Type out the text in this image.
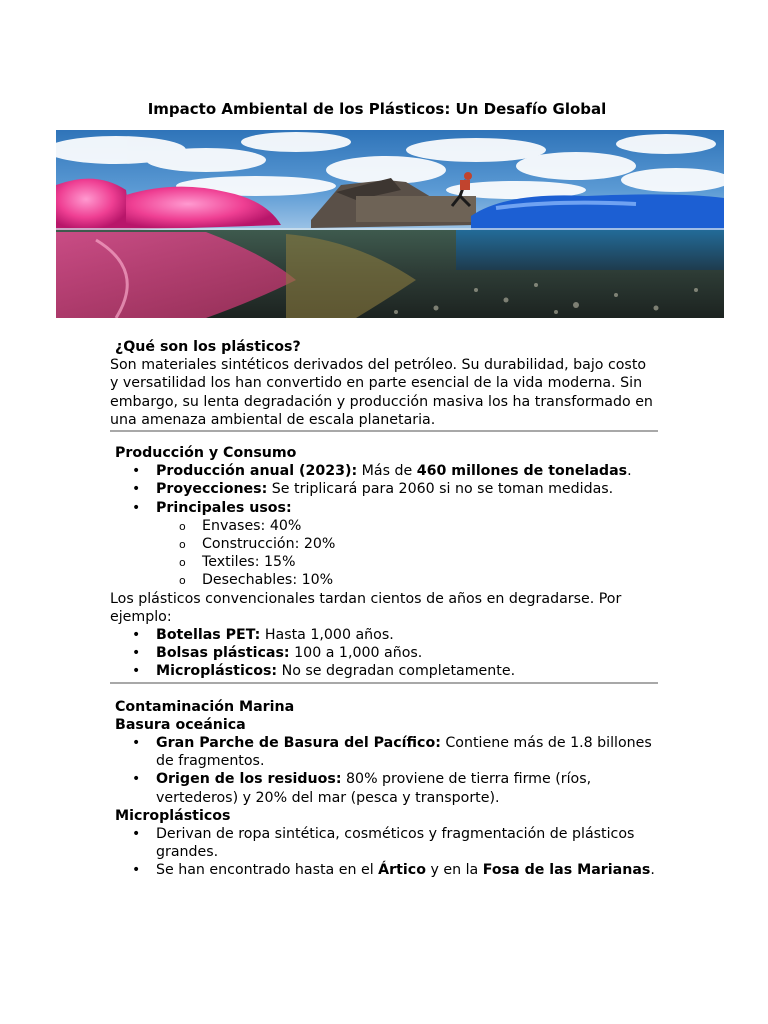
Impacto Ambiental de los Plásticos: Un Desafío Global
¿Qué son los plásticos?

Son materiales sintéticos derivados del petróleo. Su durabilidad, bajo costo y versatilidad los han convertido en parte esencial de la vida moderna. Sin embargo, su lenta degradación y producción masiva los ha transformado en una amenaza ambiental de escala planetaria.

Producción y Consumo
• Producción anual (2023): Más de 460 millones de toneladas.
• Proyecciones: Se triplicará para 2060 si no se toman medidas.
• Principales usos:
o Envases: 40%
o Construcción: 20%
o Textiles: 15%
o Desechables: 10%

Los plásticos convencionales tardan cientos de años en degradarse. Por ejemplo:

• Botellas PET: Hasta 1,000 años.
• Bolsas plásticas: 100 a 1,000 años.
• Microplásticos: No se degradan completamente.
Contaminación Marina
Basura oceánica
• Gran Parche de Basura del Pacífico: Contiene más de 1.8 billones de fragmentos.
• Origen de los residuos: 80% proviene de tierra firme (ríos, vertederos) y 20% del mar (pesca y transporte).
Microplásticos
• Derivan de ropa sintética, cosméticos y fragmentación de plásticos grandes.
• Se han encontrado hasta en el Ártico y en la Fosa de las Marianas.
